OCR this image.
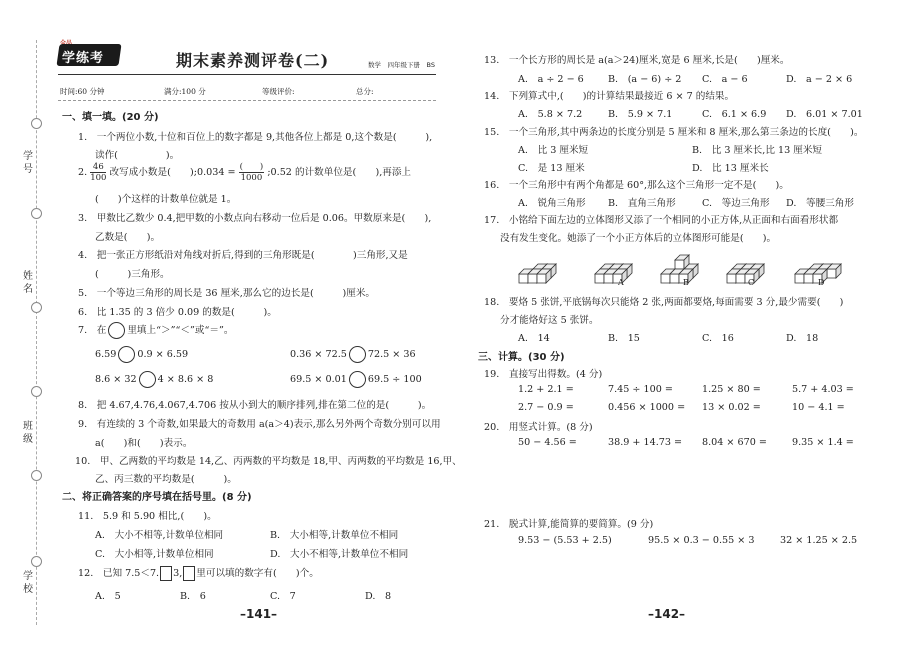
学号
姓名
班级
学校
学练考	期末素养测评卷(二)	数学　四年级下册　BS
时间:60 分钟	满分:100 分	等级评价:	总分:
一、填一填。(20 分)
1.　一个两位小数,十位和百位上的数字都是 9,其他各位上都是 0,这个数是(　　　),
读作(　　　　　)。
2. $\frac{46}{100}$ 改写成小数是(　　);0.034 = $\frac{( )}{1000}$ ;0.52 的计数单位是(　　),再添上
(　　)个这样的计数单位就是 1。
3.　甲数比乙数少 0.4,把甲数的小数点向右移动一位后是 0.06。甲数原来是(　　),
乙数是(　　)。
4.　把一张正方形纸沿对角线对折后,得到的三角形既是(　　　　)三角形,又是
(　　　)三角形。
5.　一个等边三角形的周长是 36 厘米,那么它的边长是(　　　)厘米。
6.　比 1.35 的 3 倍少 0.09 的数是(　　　)。
7.　在 里填上“＞”“＜”或“＝”。
6.59 0.9 × 6.59	0.36 × 72.5 72.5 × 36
8.6 × 32 4 × 8.6 × 8	69.5 × 0.01 69.5 ÷ 100
8.　把 4.67,4.76,4.067,4.706 按从小到大的顺序排列,排在第二位的是(　　　)。
9.　有连续的 3 个奇数,如果最大的奇数用 a(a＞4)表示,那么另外两个奇数分别可以用
a(　　)和(　　)表示。
10.　甲、乙两数的平均数是 14,乙、丙两数的平均数是 18,甲、丙两数的平均数是 16,甲、
乙、丙三数的平均数是(　　　)。
二、将正确答案的序号填在括号里。(8 分)
11.　5.9 和 5.90 相比,(　　)。
A.　大小不相等,计数单位相同	B.　大小相等,计数单位不相同
C.　大小相等,计数单位相同	D.　大小不相等,计数单位不相同
12.　已知 7.5＜7. 3, 里可以填的数字有(　　)个。
A.　5	B.　6	C.　7	D.　8
–141–
13.　一个长方形的周长是 a(a＞24)厘米,宽是 6 厘米,长是(　　)厘米。
A.　a ÷ 2 − 6	B.　(a − 6) ÷ 2 C.　a − 6	D.　a − 2 × 6
14.　下列算式中,(　　)的计算结果最接近 6 × 7 的结果。
A.　5.8 × 7.2	B.　5.9 × 7.1	C.　6.1 × 6.9 D.　6.01 × 7.01
15.　一个三角形,其中两条边的长度分别是 5 厘米和 8 厘米,那么第三条边的长度(　　)。
A.　比 3 厘米短	B.　比 3 厘米长,比 13 厘米短
C.　是 13 厘米	D.　比 13 厘米长
16.　一个三角形中有两个角都是 60°,那么这个三角形一定不是(　　)。
A.　锐角三角形 B.　直角三角形	C.　等边三角形 D.　等腰三角形
17.　小铭给下面左边的立体图形又添了一个相同的小正方体,从正面和右面看形状都
没有发生变化。她添了一个小正方体后的立体图形可能是(　　)。
A	B	C	D
18.　要烙 5 张饼,平底锅每次只能烙 2 张,两面都要烙,每面需要 3 分,最少需要(　　)
分才能烙好这 5 张饼。
A.　14	B.　15	C.　16	D.　18
三、计算。(30 分)
19.　直接写出得数。(4 分)
1.2 + 2.1 =	7.45 ÷ 100 =	1.25 × 80 =	5.7 + 4.03 =
2.7 − 0.9 =	0.456 × 1000 = 13 × 0.02 =	10 − 4.1 =
20.　用竖式计算。(8 分)
50 − 4.56 =	38.9 + 14.73 = 8.04 × 670 =	9.35 × 1.4 =
21.　脱式计算,能简算的要简算。(9 分)
9.53 − (5.53 + 2.5)	95.5 × 0.3 − 0.55 × 3	32 × 1.25 × 2.5
–142–
